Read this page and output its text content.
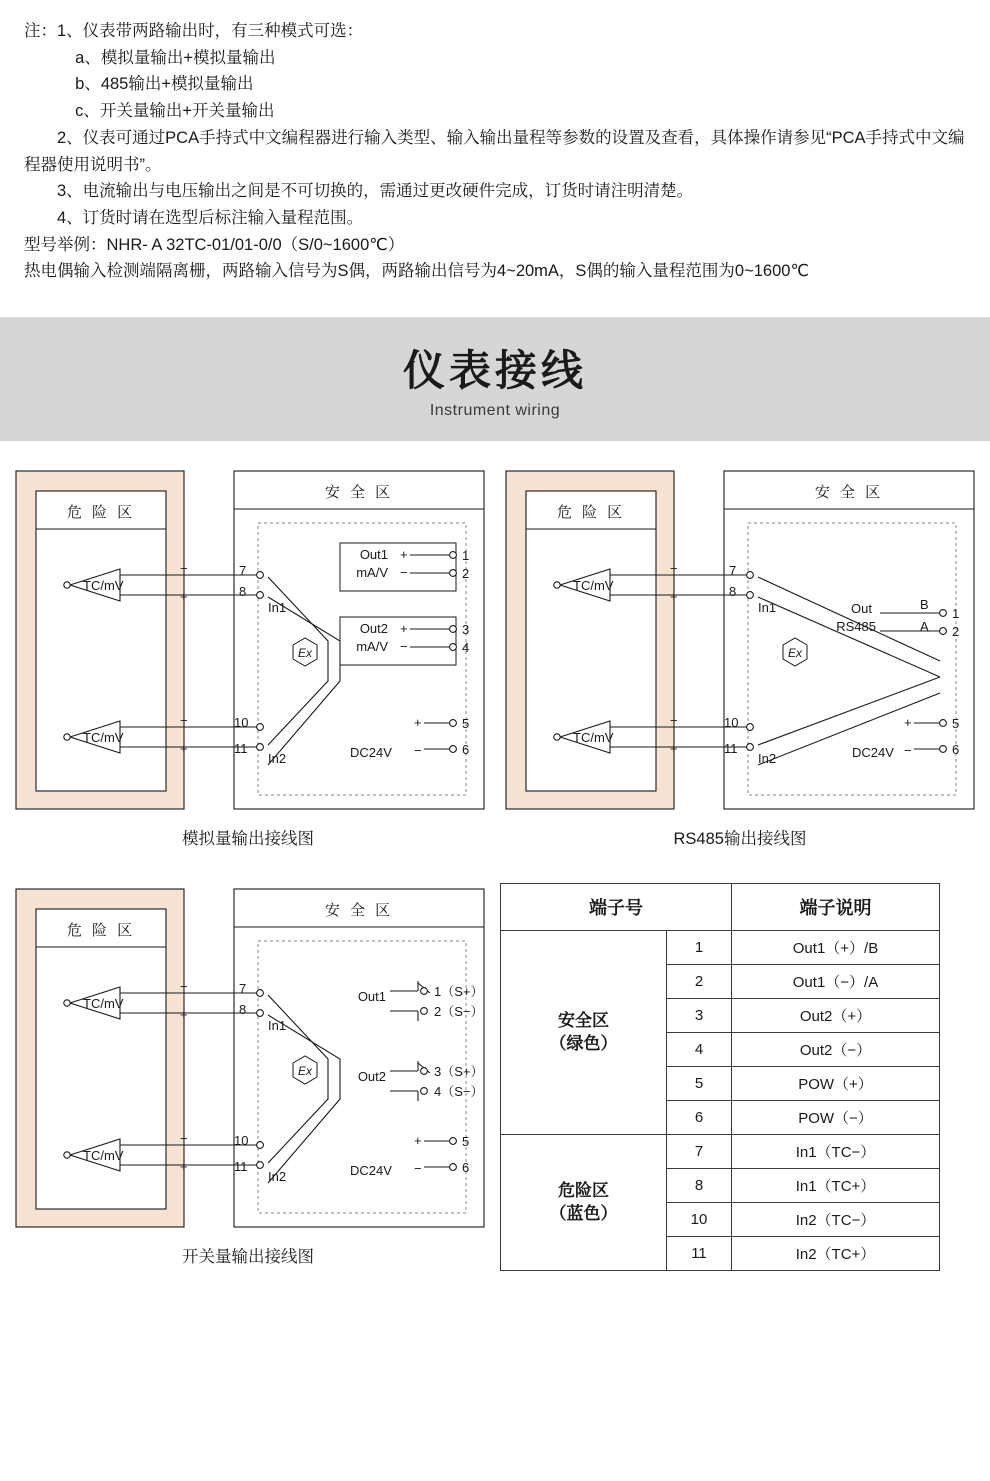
注：1、仪表带两路输出时，有三种模式可选：

a、模拟量输出+模拟量输出

b、485输出+模拟量输出

c、开关量输出+开关量输出

2、仪表可通过PCA手持式中文编程器进行输入类型、输入输出量程等参数的设置及查看，具体操作请参见“PCA手持式中文编程器使用说明书”。

3、电流输出与电压输出之间是不可切换的，需通过更改硬件完成，订货时请注明清楚。

4、订货时请在选型后标注输入量程范围。

型号举例：NHR- A 32TC-01/01-0/0（S/0~1600℃）

热电偶输入检测端隔离栅，两路输入信号为S偶，两路输出信号为4~20mA，S偶的输入量程范围为0~1600℃

仪表接线
Instrument wiring
危 险 区
TC/mV
−
+
TC/mV
−
+
安 全 区
7
8
10
11
In1
In2
Ex
Out1
mA/V
+
−
1
2
Out2
mA/V
+
−
3
4
DC24V
+
−
5
6
模拟量输出接线图
危 险 区
TC/mV
−
+
TC/mV
−
+
安 全 区
7
8
10
11
In1
In2
Ex
Out
RS485
B
A
1
2
DC24V
+
−
5
6
RS485输出接线图
危 险 区
TC/mV
−
+
TC/mV
−
+
安 全 区
7
8
10
11
In1
In2
Ex
Out1	1（S+）
2（S−）
Out2	3（S+）
4（S−）
DC24V
+
−
5
6
开关量输出接线图
端子号		端子说明
安全区
（绿色）	1	Out1（+）/B
	2	Out1（−）/A
	3	Out2（+）
	4	Out2（−）
	5	POW（+）
	6	POW（−）
危险区
（蓝色）	7	In1（TC−）
	8	In1（TC+）
	10	In2（TC−）
	11	In2（TC+）
